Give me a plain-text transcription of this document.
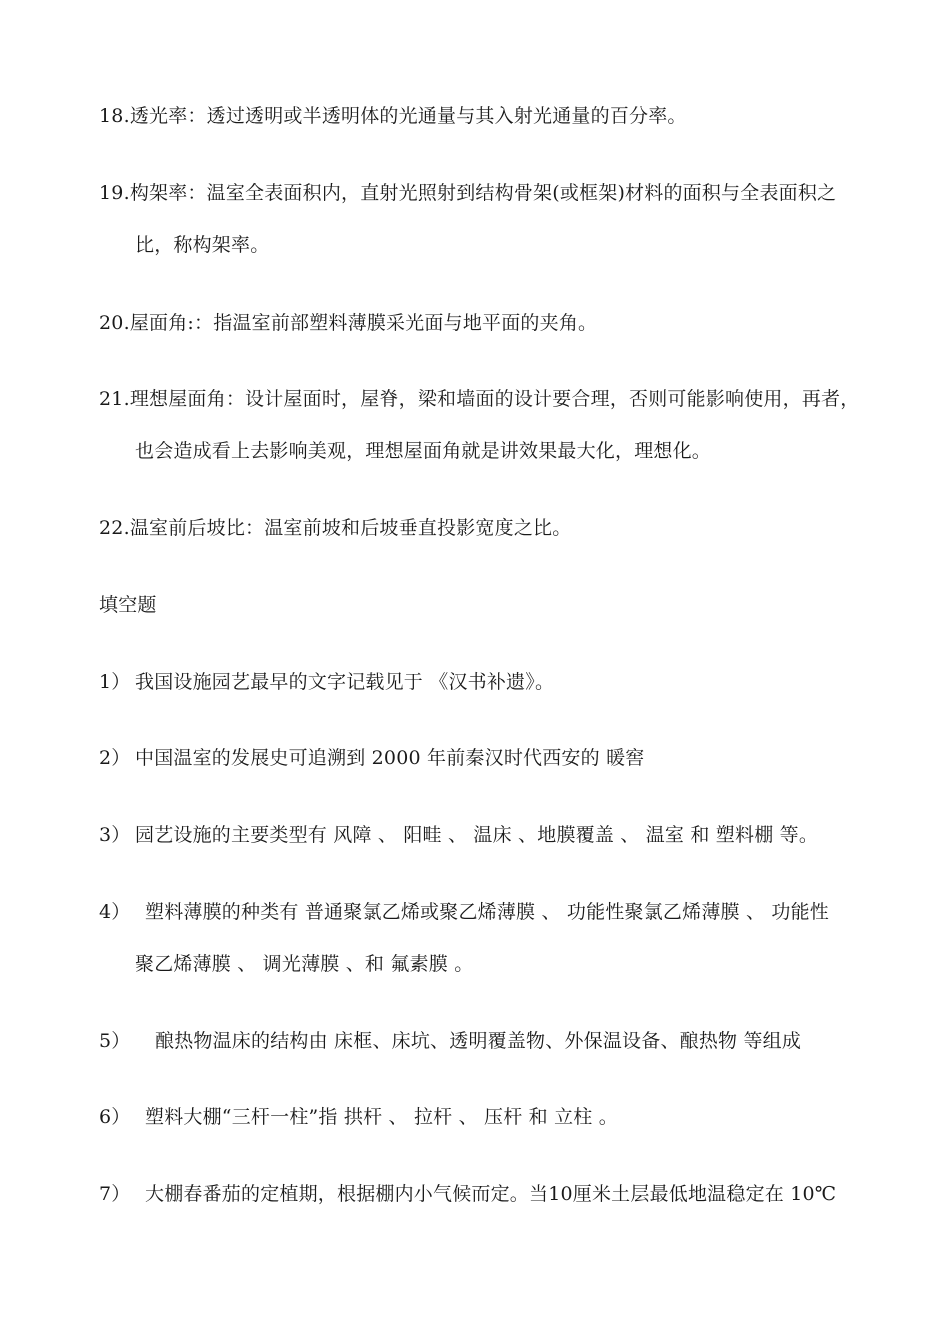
18.透光率：透过透明或半透明体的光通量与其入射光通量的百分率。
19.构架率：温室全表面积内，直射光照射到结构骨架(或框架)材料的面积与全表面积之
比，称构架率。
20.屋面角:：指温室前部塑料薄膜采光面与地平面的夹角。
21.理想屋面角：设计屋面时，屋脊，梁和墙面的设计要合理，否则可能影响使用，再者，
也会造成看上去影响美观，理想屋面角就是讲效果最大化，理想化。
22.温室前后坡比：温室前坡和后坡垂直投影宽度之比。
填空题
1） 我国设施园艺最早的文字记载见于 《汉书补遗》。
2） 中国温室的发展史可追溯到 2000 年前秦汉时代西安的 暖窖
3） 园艺设施的主要类型有 风障 、 阳畦 、 温床 、地膜覆盖 、 温室 和 塑料棚 等。
4） 塑料薄膜的种类有 普通聚氯乙烯或聚乙烯薄膜 、 功能性聚氯乙烯薄膜 、 功能性
聚乙烯薄膜 、 调光薄膜 、和 氟素膜 。
5） 酿热物温床的结构由 床框、床坑、透明覆盖物、外保温设备、酿热物 等组成
6） 塑料大棚“三杆一柱”指 拱杆 、 拉杆 、 压杆 和 立柱 。
7） 大棚春番茄的定植期，根据棚内小气候而定。当10厘米土层最低地温稳定在 10℃
